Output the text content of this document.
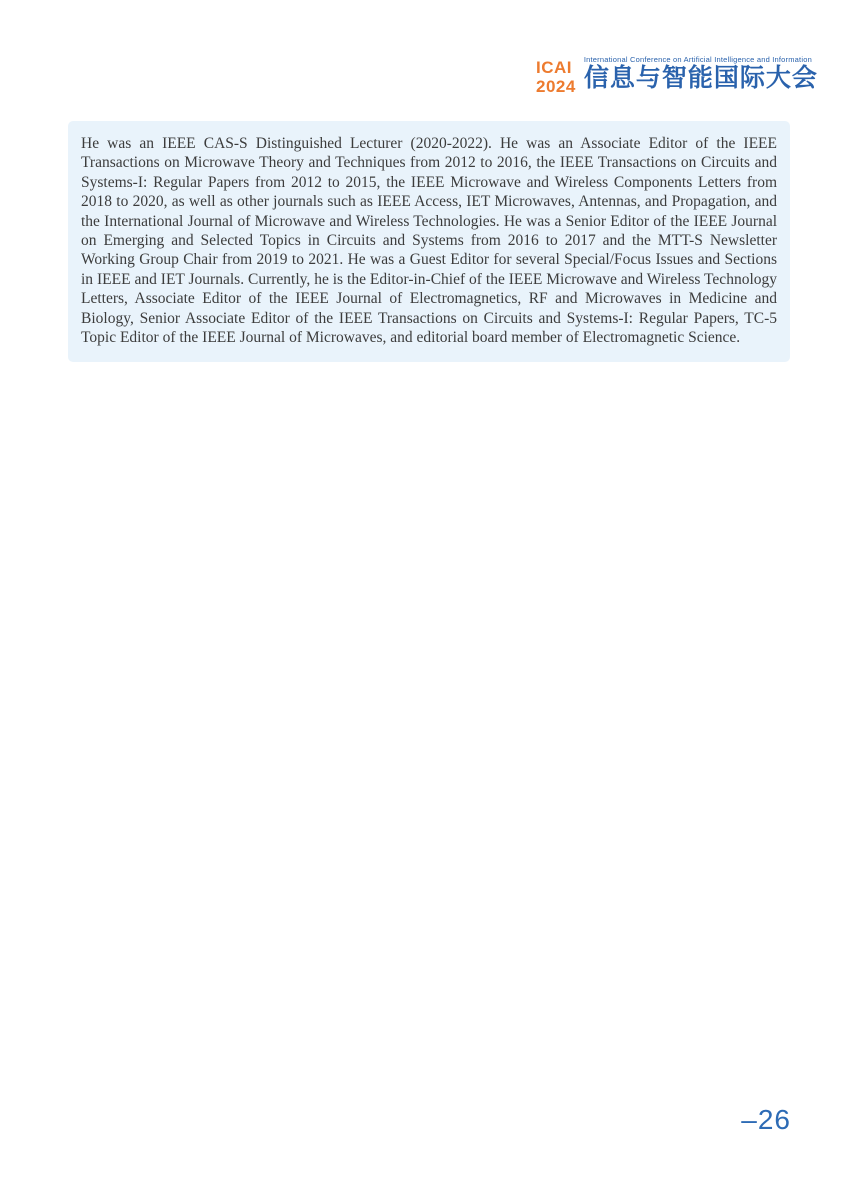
ICAI
2024
International Conference on Artificial Intelligence and Information
信息与智能国际大会

He was an IEEE CAS-S Distinguished Lecturer (2020-2022). He was an Associate Editor of the IEEE Transactions on Microwave Theory and Techniques from 2012 to 2016, the IEEE Transactions on Circuits and Systems-I: Regular Papers from 2012 to 2015, the IEEE Microwave and Wireless Components Letters from 2018 to 2020, as well as other journals such as IEEE Access, IET Microwaves, Antennas, and Propagation, and the International Journal of Microwave and Wireless Technologies. He was a Senior Editor of the IEEE Journal on Emerging and Selected Topics in Circuits and Systems from 2016 to 2017 and the MTT-S Newsletter Working Group Chair from 2019 to 2021. He was a Guest Editor for several Special/Focus Issues and Sections in IEEE and IET Journals. Currently, he is the Editor-in-Chief of the IEEE Microwave and Wireless Technology Letters, Associate Editor of the IEEE Journal of Electromagnetics, RF and Microwaves in Medicine and Biology, Senior Associate Editor of the IEEE Transactions on Circuits and Systems-I: Regular Papers, TC-5 Topic Editor of the IEEE Journal of Microwaves, and editorial board member of Electromagnetic Science.

–26
